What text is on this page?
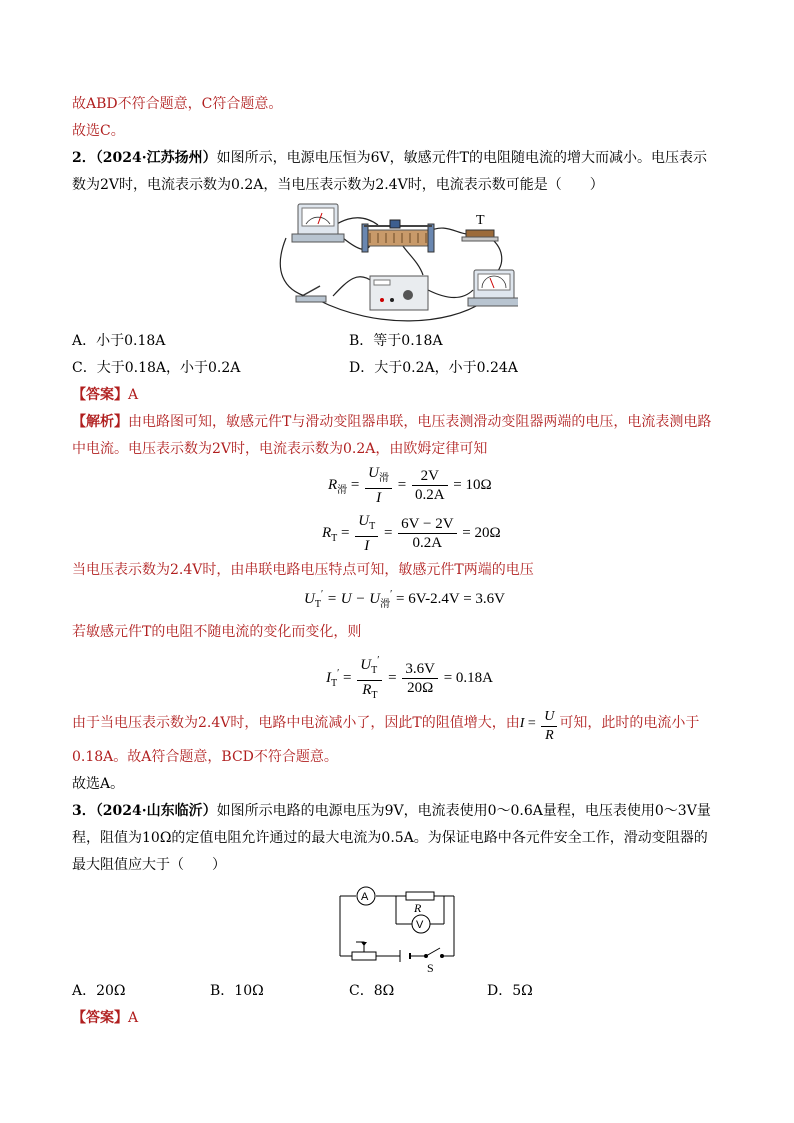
故ABD不符合题意，C符合题意。
故选C。
2．（2024·江苏扬州）如图所示，电源电压恒为6V，敏感元件T的电阻随电流的增大而减小。电压表示
数为2V时，电流表示数为0.2A，当电压表示数为2.4V时，电流表示数可能是（　　）
T
A．小于0.18A	B．等于0.18A
C．大于0.18A，小于0.2A	D．大于0.2A，小于0.24A
【答案】A
【解析】由电路图可知，敏感元件T与滑动变阻器串联，电压表测滑动变阻器两端的电压，电流表测电路
中电流。电压表示数为2V时，电流表示数为0.2A，由欧姆定律可知
$R_滑 = \frac{U_滑}{I} = \frac{2V}{0.2A} = 10\Omega$
$R_T = \frac{U_T}{I} = \frac{6V - 2V}{0.2A} = 20\Omega$
当电压表示数为2.4V时，由串联电路电压特点可知，敏感元件T两端的电压
$U_T' = U - U_滑' = 6V-2.4V = 3.6V$
若敏感元件T的电阻不随电流的变化而变化，则
$I_T' = \frac{U_T'}{R_T} = \frac{3.6V}{20\Omega} = 0.18A$
由于当电压表示数为2.4V时，电路中电流减小了，因此T的阻值增大，由$I = \frac{U}{R}$ 可知，此时的电流小于
0.18A。故A符合题意，BCD不符合题意。
故选A。
3．（2024·山东临沂）如图所示电路的电源电压为9V，电流表使用0～0.6A量程，电压表使用0～3V量
程，阻值为10Ω的定值电阻允许通过的最大电流为0.5A。为保证电路中各元件安全工作，滑动变阻器的
最大阻值应大于（　　）
A
V
R
S
A．20Ω	B．10Ω	C．8Ω	D．5Ω
【答案】A
